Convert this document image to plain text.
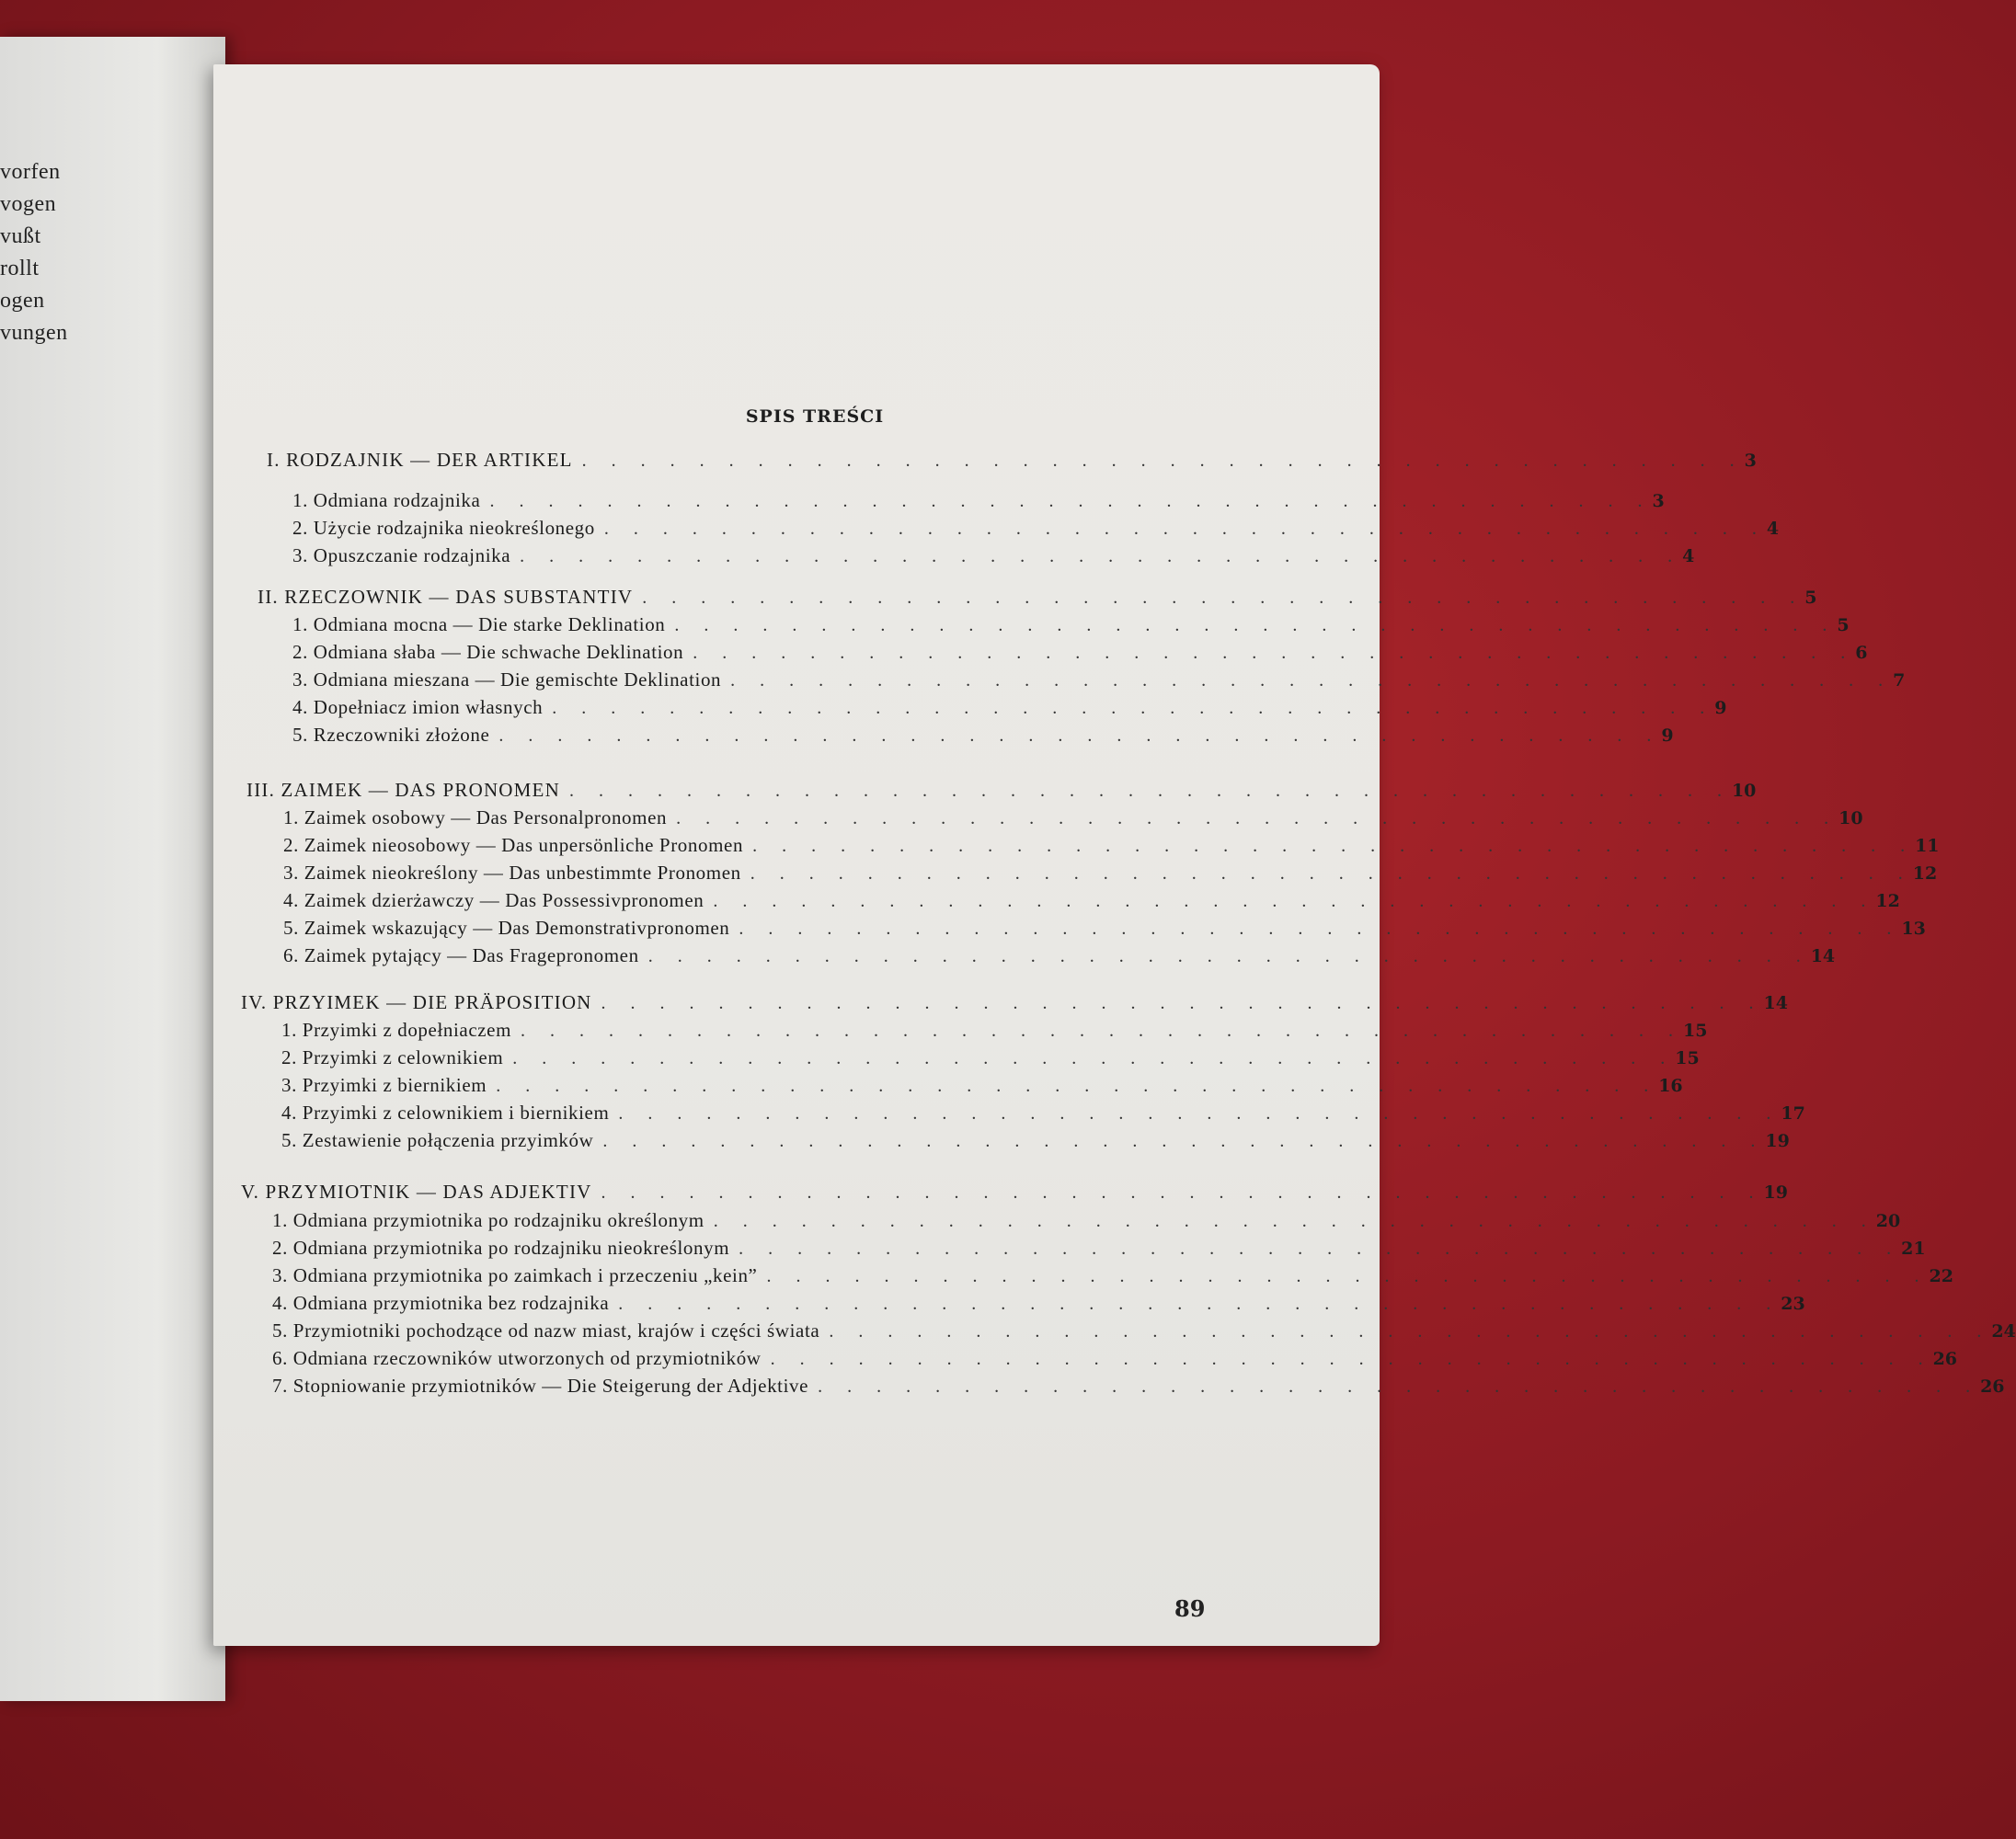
vorfen
vogen
vußt
rollt
ogen
vungen
SPIS TREŚCI
I. RODZAJNIK — DER ARTIKEL . . . . . . . . . . . . . . . . . . . . . . . . . . . . . . . . . . . . . . . . 3
1. Odmiana rodzajnika . . . . . . . . . . . . . . . . . . . . . . . . . . . . . . . . . . . . . . . . 3
2. Użycie rodzajnika nieokreślonego . . . . . . . . . . . . . . . . . . . . . . . . . . . . . . . . . . . . . . . . 4
3. Opuszczanie rodzajnika . . . . . . . . . . . . . . . . . . . . . . . . . . . . . . . . . . . . . . . . 4
II. RZECZOWNIK — DAS SUBSTANTIV . . . . . . . . . . . . . . . . . . . . . . . . . . . . . . . . . . . . . . . . 5
1. Odmiana mocna — Die starke Deklination . . . . . . . . . . . . . . . . . . . . . . . . . . . . . . . . . . . . . . . . 5
2. Odmiana słaba — Die schwache Deklination . . . . . . . . . . . . . . . . . . . . . . . . . . . . . . . . . . . . . . . . 6
3. Odmiana mieszana — Die gemischte Deklination . . . . . . . . . . . . . . . . . . . . . . . . . . . . . . . . . . . . . . . . 7
4. Dopełniacz imion własnych . . . . . . . . . . . . . . . . . . . . . . . . . . . . . . . . . . . . . . . . 9
5. Rzeczowniki złożone . . . . . . . . . . . . . . . . . . . . . . . . . . . . . . . . . . . . . . . . 9
III. ZAIMEK — DAS PRONOMEN . . . . . . . . . . . . . . . . . . . . . . . . . . . . . . . . . . . . . . . . 10
1. Zaimek osobowy — Das Personalpronomen . . . . . . . . . . . . . . . . . . . . . . . . . . . . . . . . . . . . . . . . 10
2. Zaimek nieosobowy — Das unpersönliche Pronomen . . . . . . . . . . . . . . . . . . . . . . . . . . . . . . . . . . . . . . . . 11
3. Zaimek nieokreślony — Das unbestimmte Pronomen . . . . . . . . . . . . . . . . . . . . . . . . . . . . . . . . . . . . . . . . 12
4. Zaimek dzierżawczy — Das Possessivpronomen . . . . . . . . . . . . . . . . . . . . . . . . . . . . . . . . . . . . . . . . 12
5. Zaimek wskazujący — Das Demonstrativpronomen . . . . . . . . . . . . . . . . . . . . . . . . . . . . . . . . . . . . . . . . 13
6. Zaimek pytający — Das Fragepronomen . . . . . . . . . . . . . . . . . . . . . . . . . . . . . . . . . . . . . . . . 14
IV. PRZYIMEK — DIE PRÄPOSITION . . . . . . . . . . . . . . . . . . . . . . . . . . . . . . . . . . . . . . . . 14
1. Przyimki z dopełniaczem . . . . . . . . . . . . . . . . . . . . . . . . . . . . . . . . . . . . . . . . 15
2. Przyimki z celownikiem . . . . . . . . . . . . . . . . . . . . . . . . . . . . . . . . . . . . . . . . 15
3. Przyimki z biernikiem . . . . . . . . . . . . . . . . . . . . . . . . . . . . . . . . . . . . . . . . 16
4. Przyimki z celownikiem i biernikiem . . . . . . . . . . . . . . . . . . . . . . . . . . . . . . . . . . . . . . . . 17
5. Zestawienie połączenia przyimków . . . . . . . . . . . . . . . . . . . . . . . . . . . . . . . . . . . . . . . . 19
V. PRZYMIOTNIK — DAS ADJEKTIV . . . . . . . . . . . . . . . . . . . . . . . . . . . . . . . . . . . . . . . . 19
1. Odmiana przymiotnika po rodzajniku określonym . . . . . . . . . . . . . . . . . . . . . . . . . . . . . . . . . . . . . . . . 20
2. Odmiana przymiotnika po rodzajniku nieokreślonym . . . . . . . . . . . . . . . . . . . . . . . . . . . . . . . . . . . . . . . . 21
3. Odmiana przymiotnika po zaimkach i przeczeniu „kein” . . . . . . . . . . . . . . . . . . . . . . . . . . . . . . . . . . . . . . . . 22
4. Odmiana przymiotnika bez rodzajnika . . . . . . . . . . . . . . . . . . . . . . . . . . . . . . . . . . . . . . . . 23
5. Przymiotniki pochodzące od nazw miast, krajów i części świata . . . . . . . . . . . . . . . . . . . . . . . . . . . . . . . . . . . . . . . . 24
6. Odmiana rzeczowników utworzonych od przymiotników . . . . . . . . . . . . . . . . . . . . . . . . . . . . . . . . . . . . . . . . 26
7. Stopniowanie przymiotników — Die Steigerung der Adjektive . . . . . . . . . . . . . . . . . . . . . . . . . . . . . . . . . . . . . . . . 26
89
